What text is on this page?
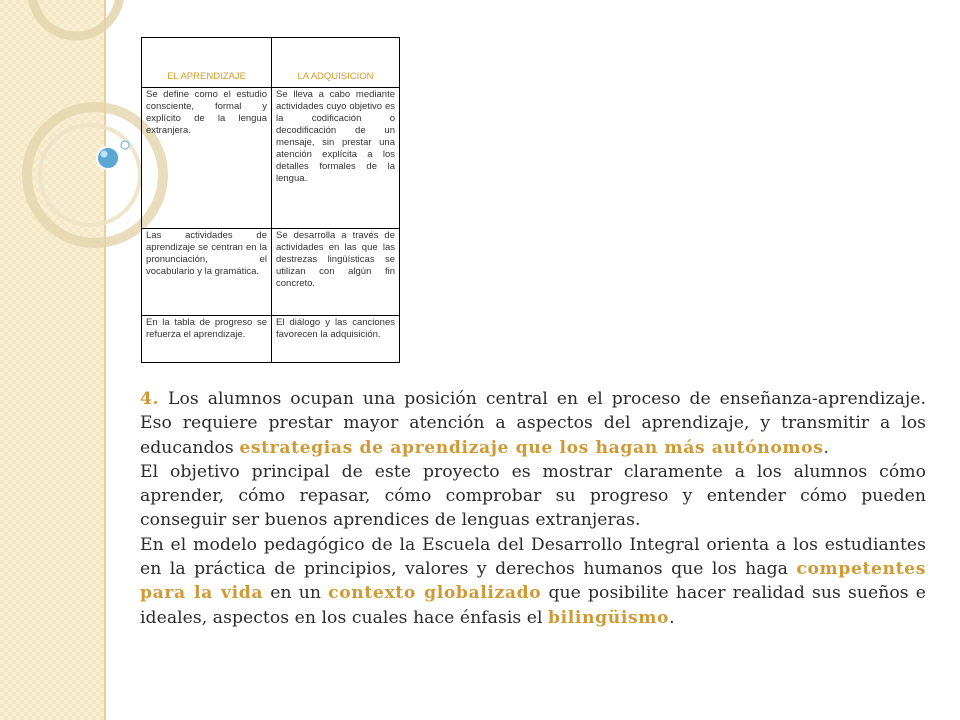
EL APRENDIZAJE	LA ADQUISICION
Se define como el estudio consciente, formal y explícito de la lengua extranjera.	Se lleva a cabo mediante actividades cuyo objetivo es la codificación o decodificación de un mensaje, sin prestar una atención explícita a los detalles formales de la lengua.
Las actividades de aprendizaje se centran en la pronunciación, el vocabulario y la gramática.	Se desarrolla a través de actividades en las que las destrezas lingüísticas se utilizan con algún fin concreto.
En la tabla de progreso se refuerza el aprendizaje.	El diálogo y las canciones favorecen la adquisición.

4. Los alumnos ocupan una posición central en el proceso de enseñanza-aprendizaje. Eso requiere prestar mayor atención a aspectos del aprendizaje, y transmitir a los educandos estrategias de aprendizaje que los hagan más autónomos.

El objetivo principal de este proyecto es mostrar claramente a los alumnos cómo aprender, cómo repasar, cómo comprobar su progreso y entender cómo pueden conseguir ser buenos aprendices de lenguas extranjeras.

En el modelo pedagógico de la Escuela del Desarrollo Integral orienta a los estudiantes en la práctica de principios, valores y derechos humanos que los haga competentes para la vida en un contexto globalizado que posibilite hacer realidad sus sueños e ideales, aspectos en los cuales hace énfasis el bilingüismo.
